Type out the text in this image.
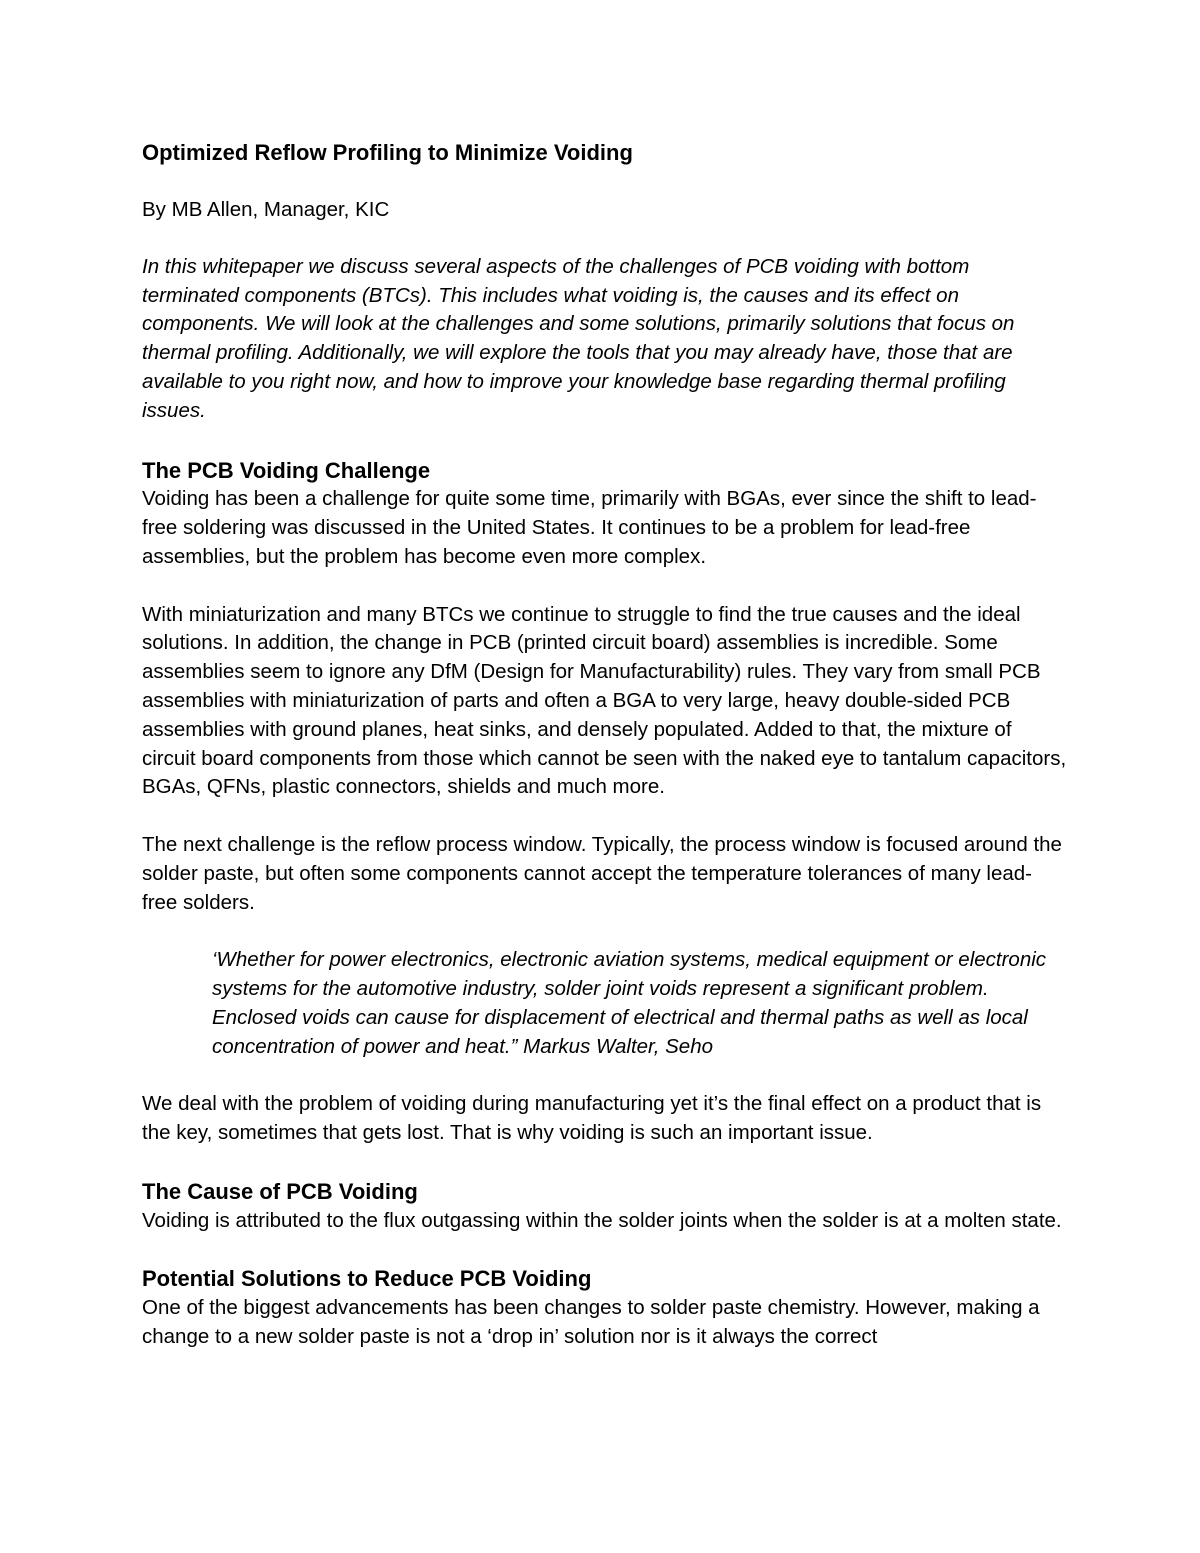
Optimized Reflow Profiling to Minimize Voiding

By MB Allen, Manager, KIC

In this whitepaper we discuss several aspects of the challenges of PCB voiding with bottom terminated components (BTCs). This includes what voiding is, the causes and its effect on components. We will look at the challenges and some solutions, primarily solutions that focus on thermal profiling. Additionally, we will explore the tools that you may already have, those that are available to you right now, and how to improve your knowledge base regarding thermal profiling issues.

The PCB Voiding Challenge

Voiding has been a challenge for quite some time, primarily with BGAs, ever since the shift to lead-free soldering was discussed in the United States. It continues to be a problem for lead-free assemblies, but the problem has become even more complex.

With miniaturization and many BTCs we continue to struggle to find the true causes and the ideal solutions. In addition, the change in PCB (printed circuit board) assemblies is incredible. Some assemblies seem to ignore any DfM (Design for Manufacturability) rules. They vary from small PCB assemblies with miniaturization of parts and often a BGA to very large, heavy double-sided PCB assemblies with ground planes, heat sinks, and densely populated. Added to that, the mixture of circuit board components from those which cannot be seen with the naked eye to tantalum capacitors, BGAs, QFNs, plastic connectors, shields and much more.

The next challenge is the reflow process window. Typically, the process window is focused around the solder paste, but often some components cannot accept the temperature tolerances of many lead-free solders.

‘Whether for power electronics, electronic aviation systems, medical equipment or electronic systems for the automotive industry, solder joint voids represent a significant problem. Enclosed voids can cause for displacement of electrical and thermal paths as well as local concentration of power and heat.” Markus Walter, Seho

We deal with the problem of voiding during manufacturing yet it’s the final effect on a product that is the key, sometimes that gets lost. That is why voiding is such an important issue.

The Cause of PCB Voiding

Voiding is attributed to the flux outgassing within the solder joints when the solder is at a molten state.

Potential Solutions to Reduce PCB Voiding

One of the biggest advancements has been changes to solder paste chemistry. However, making a change to a new solder paste is not a ‘drop in’ solution nor is it always the correct
